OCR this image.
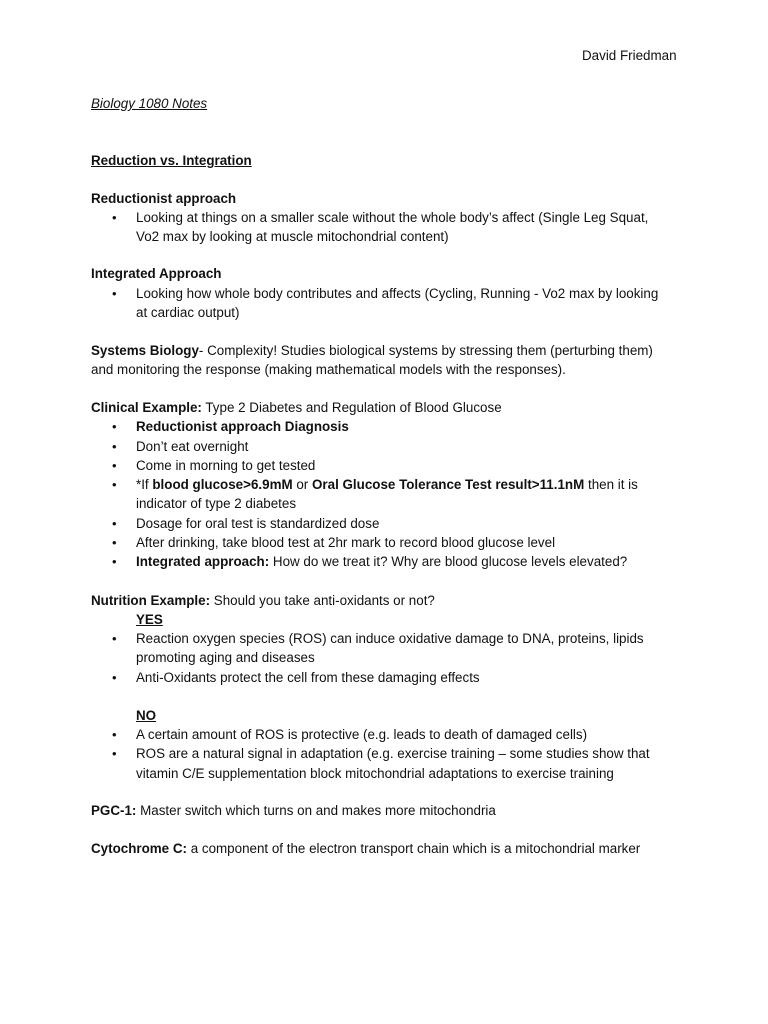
David Friedman
Biology 1080 Notes
Reduction vs. Integration
Reductionist approach
• Looking at things on a smaller scale without the whole body’s affect (Single Leg Squat,
Vo2 max by looking at muscle mitochondrial content)
Integrated Approach
• Looking how whole body contributes and affects (Cycling, Running - Vo2 max by looking
at cardiac output)
Systems Biology- Complexity! Studies biological systems by stressing them (perturbing them)
and monitoring the response (making mathematical models with the responses).
Clinical Example: Type 2 Diabetes and Regulation of Blood Glucose
• Reductionist approach Diagnosis
• Don’t eat overnight
• Come in morning to get tested
• *If blood glucose>6.9mM or Oral Glucose Tolerance Test result>11.1nM then it is
indicator of type 2 diabetes
• Dosage for oral test is standardized dose
• After drinking, take blood test at 2hr mark to record blood glucose level
• Integrated approach: How do we treat it? Why are blood glucose levels elevated?
Nutrition Example: Should you take anti-oxidants or not?
YES
• Reaction oxygen species (ROS) can induce oxidative damage to DNA, proteins, lipids
promoting aging and diseases
• Anti-Oxidants protect the cell from these damaging effects
NO
• A certain amount of ROS is protective (e.g. leads to death of damaged cells)
• ROS are a natural signal in adaptation (e.g. exercise training – some studies show that
vitamin C/E supplementation block mitochondrial adaptations to exercise training
PGC-1: Master switch which turns on and makes more mitochondria
Cytochrome C: a component of the electron transport chain which is a mitochondrial marker
